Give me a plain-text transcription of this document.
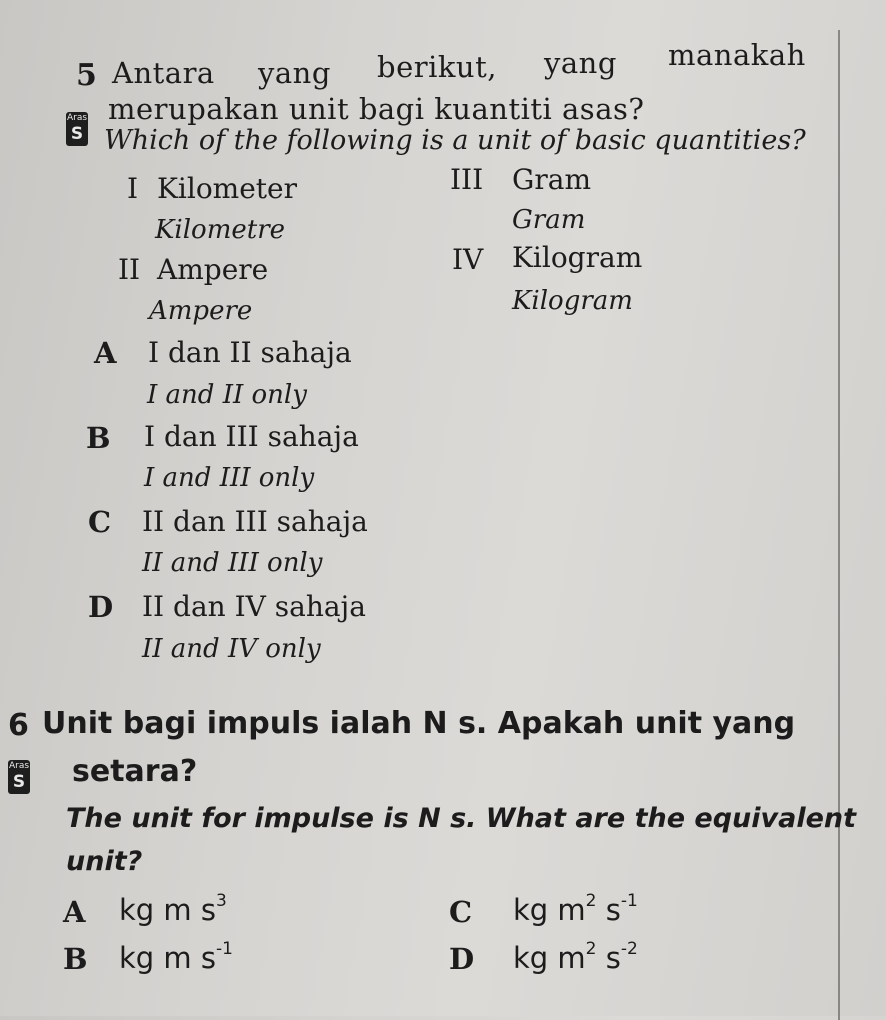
5 Antara yang berikut, yang manakah
Aras
S
merupakan unit bagi kuantiti asas?
Which of the following is a unit of basic quantities?
I Kilometer
Kilometre
III Gram
Gram
II Ampere
Ampere
IV Kilogram
Kilogram
A I dan II sahaja
I and II only
B I dan III sahaja
I and III only
C II dan III sahaja
II and III only
D II dan IV sahaja
II and IV only
6 Unit bagi impuls ialah N s. Apakah unit yang
Aras
S setara?
The unit for impulse is N s. What are the equivalent
unit?
A kg m $s^3$	C kg $m^2$ $s^{-1}$
B kg m $s^{-1}$	D kg $m^2$ $s^{-2}$
